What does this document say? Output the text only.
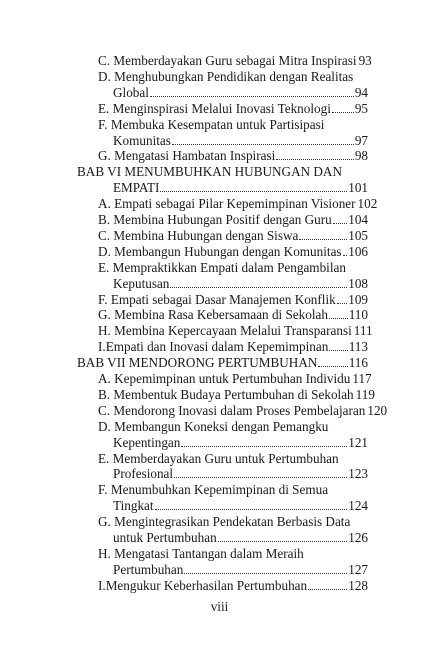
C. Memberdayakan Guru sebagai Mitra Inspirasi 93
D. Menghubungkan Pendidikan dengan Realitas
Global	94
E. Menginspirasi Melalui Inovasi Teknologi 95
F. Membuka Kesempatan untuk Partisipasi
Komunitas	97
G. Mengatasi Hambatan Inspirasi	98
BAB VI MENUMBUHKAN HUBUNGAN DAN
EMPATI	101
A. Empati sebagai Pilar Kepemimpinan Visioner 102
B. Membina Hubungan Positif dengan Guru 104
C. Membina Hubungan dengan Siswa	105
D. Membangun Hubungan dengan Komunitas 106
E. Mempraktikkan Empati dalam Pengambilan
Keputusan	108
F. Empati sebagai Dasar Manajemen Konflik 109
G. Membina Rasa Kebersamaan di Sekolah 110
H. Membina Kepercayaan Melalui Transparansi 111
I.Empati dan Inovasi dalam Kepemimpinan 113
BAB VII MENDORONG PERTUMBUHAN 116
A. Kepemimpinan untuk Pertumbuhan Individu 117
B. Membentuk Budaya Pertumbuhan di Sekolah 119
C. Mendorong Inovasi dalam Proses Pembelajaran 120
D. Membangun Koneksi dengan Pemangku
Kepentingan	121
E. Memberdayakan Guru untuk Pertumbuhan
Profesional	123
F. Menumbuhkan Kepemimpinan di Semua
Tingkat	124
G. Mengintegrasikan Pendekatan Berbasis Data
untuk Pertumbuhan	126
H. Mengatasi Tantangan dalam Meraih
Pertumbuhan	127
I.Mengukur Keberhasilan Pertumbuhan	128
viii
